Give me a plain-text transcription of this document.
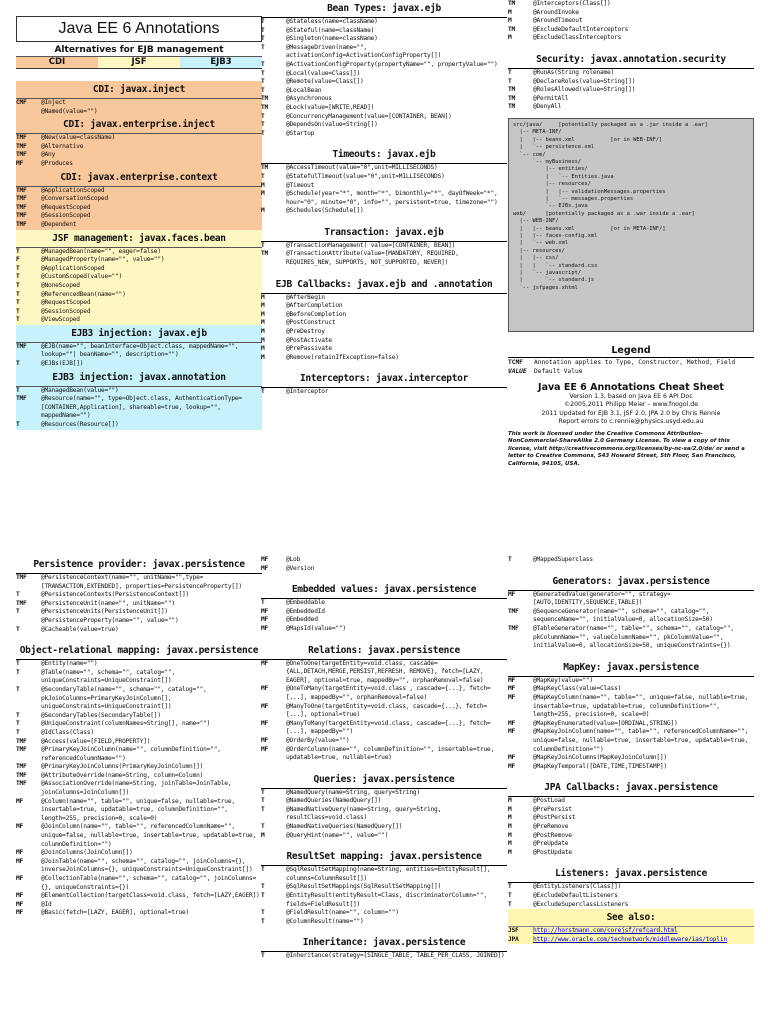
Java EE 6 Annotations
Alternatives for EJB management
CDI	JSF	EJB3
CDI: javax.inject
CMF	@Inject
@Named(value="")
CDI: javax.enterprise.inject
TMF	@New(value=className)
TMF	@Alternative
TMF	@Any
MF	@Produces
CDI: javax.enterprise.context
TMF	@ApplicationScoped
TMF	@ConversationScoped
TMF	@RequestScoped
TMF	@SessionScoped
TMF	@Dependent
JSF management: javax.faces.bean
T	@ManagedBean(name="", eager=false)
F	@ManagedProperty(name="", value="")
T	@ApplicationScoped
T	@CustomScoped(value="")
T	@NoneScoped
T	@ReferencedBean(name="")
T	@RequestScoped
T	@SessionScoped
T	@ViewScoped
EJB3 injection: javax.ejb
TMF	@EJB(name="", beanInterface=Object.class, mappedName="", lookup=""| beanName="", description="")
T	@EJBs(EJB[])
EJB3 injection: javax.annotation
T	@ManagedBean(value="")
TMF	@Resource(name="", type=Object.class, AuthenticationType=[CONTAINER,Application], shareable=true, lookup="", mappedName="")
T	@Resources(Resource[])
Bean Types: javax.ejb
T	@Stateless(name=className)
T	@Stateful(name=className)
T	@Singleton(name=className)
T	@MessageDriven(name="", activationConfig=ActivationConfigProperty[])
T	@ActivationConfigProperty(propertyName="", propertyValue="")
T	@Local(value=Class[])
T	@Remote(value=Class[])
T	@LocalBean
TM	@Asynchronous
TM	@Lock(value=[WRITE,READ])
T	@ConcurrencyManagement(value=[CONTAINER, BEAN])
T	@DependsOn(value=String[])
T	@Startup
Timeouts: javax.ejb
TM	@AccessTimeout(value="0",unit=MILLISECONDS)
T	@StatefulTimeout(value="0",unit=MILLISECONDS)
M	@Timeout
M	@Schedule(year="*", month="*", bimonthly="*", dayOfWeek="*", hour="0", minute="0", info="", persistent=true, timezone="")
M	@Schedules(Schedule[])
Transaction: javax.ejb
T	@TransactionManagement( value=[CONTAINER, BEAN])
TM	@TransactionAttribute(value=[MANDATORY, REQUIRED, REQUIRES_NEW, SUPPORTS, NOT_SUPPORTED, NEVER])
EJB Callbacks: javax.ejb and .annotation
M	@AfterBegin
M	@AfterCompletion
M	@BeforeCompletion
M	@PostConstruct
M	@PreDestroy
M	@PostActivate
M	@PrePassivate
M	@Remove(retainIfException=false)
Interceptors: javax.interceptor
T	@Interceptor
TM	@Interceptors(Class[])
M	@AroundInvoke
M	@AroundTimeout
TM	@ExcludeDefaultInterceptors
M	@ExcludeClassInterceptors
Security: javax.annotation.security
T	@RunAs(String rolename)
T	@DeclareRoles(value=String[])
TM	@RolesAllowed(value=String[])
TM	@PermitAll
TM	@DenyAll
src/java/     [potentially packaged as a .jar inside a .ear]
|-- META-INF/
|   |-- beans.xml           [or in WEB-INF/]
|   `-- persistence.xml
`-- com/
`-- myBusiness/
|-- entities/
|   `-- Entities.java
|-- resources/
|   |-- validationMessages.properties
|   `-- messages.properties
`-- EJBs.java
web/      [potentially packaged as a .war inside a .ear]
|-- WEB-INF/
|   |-- beans.xml           [or in META-INF/]
|   |-- faces-config.xml
|   `-- web.xml
|-- resources/
|   |-- css/
|   |   `-- standard.css
|   `-- javascript/
|       `-- standard.js
`-- jsfpages.xhtml
Legend
TCMF	Annotation applies to Type, Constructor, Method, Field
VALUE	Default Value
Java EE 6 Annotations Cheat Sheet
Version 1.3, based on Java EE 6 API Doc
©2005,2011 Philipp Meier – www.fnogol.de
2011 Updated for EJB 3.1, JSF 2.0, JPA 2.0 by Chris Rennie
Report errors to c.rennie@physics.usyd.edu.au
This work is licensed under the Creative Commons Attribution-NonCommercial-ShareAlike 2.0 Germany License. To view a copy of this license, visit http://creativecommons.org/licenses/by-nc-sa/2.0/de/ or send a letter to Creative Commons, 543 Howard Street, 5th Floor, San Francisco, California, 94105, USA.
Persistence provider: javax.persistence
TMF	@PersistenceContext(name="", unitName="",type=[TRANSACTION,EXTENDED], properties=PersistenceProperty[])
T	@PersistenceContexts(PersistenceContext[])
TMF	@PersistenceUnit(name="", unitName="")
T	@PersistenceUnits(PersistenceUnit[])
@PersistenceProperty(name="", value="")
T	@Cacheable(value=true)
Object-relational mapping: javax.persistence
T	@Entity(name="")
T	@Table(name="", schema="", catalog="", uniqueConstraints=UniqueConstraint[])
T	@SecondaryTable(name="", schema="", catalog="", pkJoinColumns=PrimaryKeyJoinColumn[], uniqueConstraints=UniqueConstraint[])
T	@SecondaryTables(SecondaryTable[])
T	@UniqueConstraint(columnNames=String[], name="")
T	@IdClass(Class)
TMF	@Access(value=[FIELD,PROPERTY])
TMF	@PrimaryKeyJoinColumn(name="", columnDefinition="", referencedColumnName="")
TMF	@PrimaryKeyJoinColumns(PrimaryKeyJoinColumn[])
TMF	@AttributeOverride(name=String, column=Column)
TMF	@AssociationOverride(name=String, joinTable=JoinTable, joinColumns=JoinColumn[])
MF	@Column(name="", table="", unique=false, nullable=true, insertable=true, updatable=true, columnDefinition="", length=255, precision=0, scale=0)
MF	@JoinColumn(name="", table="", referencedColumnName="", unique=false, nullable=true, insertable=true, updatable=true, columnDefinition="")
MF	@JoinColumns(JoinColumn[])
MF	@JoinTable(name="", schema="", catalog="", joinColumns={}, inverseJoinColumns={}, uniqueConstraints=UniqueConstraint[])
MF	@CollectionTable(name="", schema="", catalog="", joinColumns={}, uniqueConstraints={})
MF	@ElementCollection(targetClass=void.class, fetch=[LAZY,EAGER])
MF	@Id
MF	@Basic(fetch=[LAZY, EAGER], optional=true)
MF	@Lob
MF	@Version
Embedded values: javax.persistence
T	@Embeddable
MF	@EmbeddedId
MF	@Embedded
MF	@MapsId(value="")
Relations: javax.persistence
MF	@OneToOne(targetEntity=void.class, cascade={ALL,DETACH,MERGE,PERSIST,REFRESH, REMOVE}, fetch=[LAZY, EAGER], optional=true, mappedBy="", orphanRemoval=false)
MF	@OneToMany(targetEntity=void.class , cascade={...}, fetch=[...], mappedBy="", orphanRemoval=false)
MF	@ManyToOne(targetEntity=void.class, cascade={...}, fetch=[...], optional=true)
MF	@ManyToMany(targetEntity=void.class, cascade={...}, fetch=[...], mappedBy="")
MF	@OrderBy(value="")
MF	@OrderColumn(name="", columnDefinition="", insertable=true, updatable=true, nullable=true)
Queries: javax.persistence
T	@NamedQuery(name=String, query=String)
T	@NamedQueries(NamedQuery[])
T	@NamedNativeQuery(name=String, query=String, resultClass=void.class)
T	@NamedNativeQueries(NamedQuery[])
M	@QueryHint(name="", value="")
ResultSet mapping: javax.persistence
T	@SqlResultSetMapping(name=String, entities=EntityResult[], columns=ColumnResult[])
T	@SqlResultSetMappings(SqlResultSetMapping[])
T	@EntityResult(entityResult=Class, discriminatorColumn="", fields=FieldResult[])
T	@FieldResult(name="", column="")
T	@ColumnResult(name="")
Inheritance: javax.persistence
T	@Inheritance(strategy=[SINGLE_TABLE, TABLE_PER_CLASS, JOINED])
T	@MappedSuperclass
Generators: javax.persistence
MF	@GeneratedValue(generator="", strategy=[AUTO,IDENTITY,SEQUENCE,TABLE])
TMF	@SequenceGenerator(name="", schema="", catalog="", sequenceName="", initialValue=0, allocationSize=50)
TMF	@TableGenerator(name="", table="", schema="", catalog="", pkColumnName="", valueColumnName="", pkColumnValue="", initialValue=0, allocationSize=50, uniqueConstraints={})
MapKey: javax.persistence
MF	@MapKey(value="")
MF	@MapKeyClass(value=Class)
MF	@MapKeyColumn(name="", table="", unique=false, nullable=true, insertable=true, updatable=true, columnDefinition="", length=255, precision=0, scale=0)
MF	@MapKeyEnumerated(value=[ORDINAL,STRING])
MF	@MapKeyJoinColumn(name="", table="", referencedColumnName="", unique=false, nullable=true, insertable=true, updatable=true, columnDefinition="")
MF	@MapKeyJoinColumns(MapKeyJoinColumn[])
MF	@MapKeyTemporal([DATE,TIME,TIMESTAMP])
JPA Callbacks: javax.persistence
M	@PostLoad
M	@PrePersist
M	@PostPersist
M	@PreRemove
M	@PostRemove
M	@PreUpdate
M	@PostUpdate
Listeners: javax.persistence
T	@EntityListeners(Class[])
T	@ExcludeDefaultListeners
T	@ExcludeSuperclassListeners
See also:
JSF	http://horstmann.com/corejsf/refcard.html
JPA	http://www.oracle.com/technetwork/middleware/ias/toplin
